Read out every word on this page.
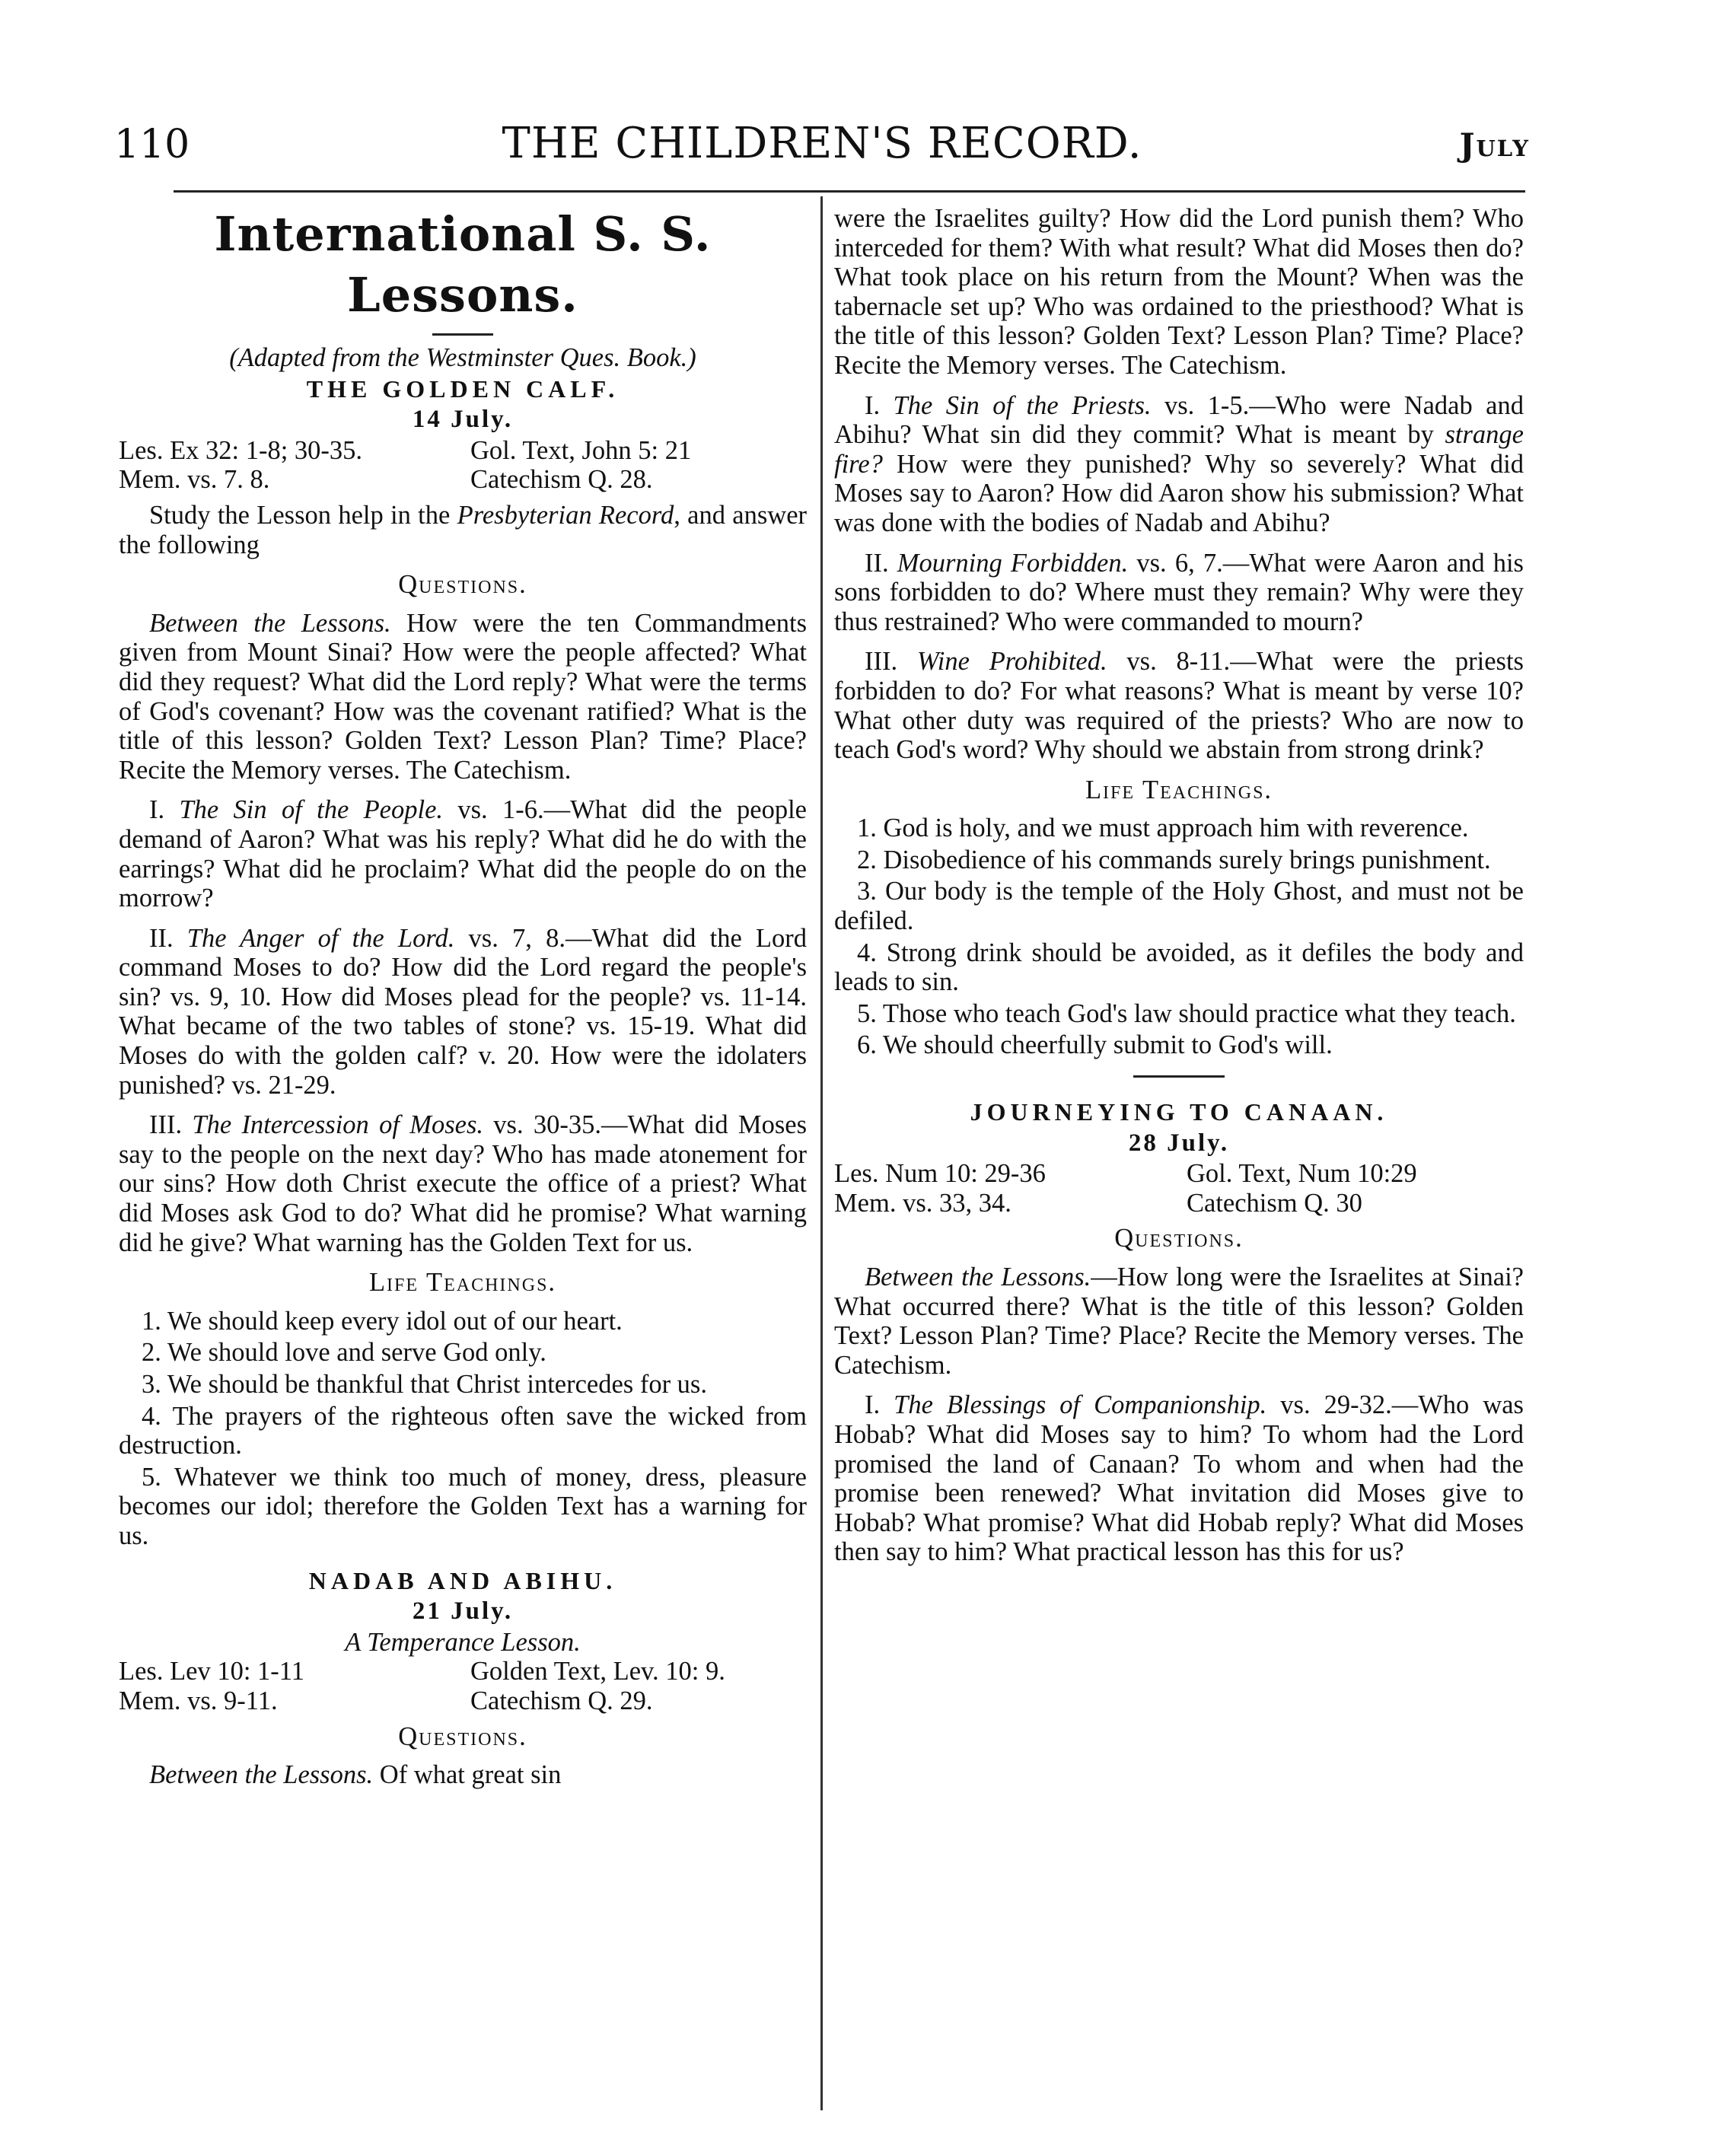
110	THE CHILDREN'S RECORD.	July
International S. S. Lessons.
(Adapted from the Westminster Ques. Book.)
THE GOLDEN CALF.
14 July.
Les. Ex 32: 1-8; 30-35.	Gol. Text, John 5: 21
Mem. vs. 7. 8.	Catechism Q. 28.

Study the Lesson help in the Presbyterian Record, and answer the following

Questions.

Between the Lessons. How were the ten Commandments given from Mount Sinai? How were the people affected? What did they request? What did the Lord reply? What were the terms of God's covenant? How was the covenant ratified? What is the title of this lesson? Golden Text? Lesson Plan? Time? Place? Recite the Memory verses. The Catechism.

I. The Sin of the People. vs. 1-6.—What did the people demand of Aaron? What was his reply? What did he do with the earrings? What did he proclaim? What did the people do on the morrow?

II. The Anger of the Lord. vs. 7, 8.—What did the Lord command Moses to do? How did the Lord regard the people's sin? vs. 9, 10. How did Moses plead for the people? vs. 11-14. What became of the two tables of stone? vs. 15-19. What did Moses do with the golden calf? v. 20. How were the idolaters punished? vs. 21-29.

III. The Intercession of Moses. vs. 30-35.—What did Moses say to the people on the next day? Who has made atonement for our sins? How doth Christ execute the office of a priest? What did Moses ask God to do? What did he promise? What warning did he give? What warning has the Golden Text for us.

Life Teachings.
1. We should keep every idol out of our heart.
2. We should love and serve God only.
3. We should be thankful that Christ intercedes for us.
4. The prayers of the righteous often save the wicked from destruction.
5. Whatever we think too much of money, dress, pleasure becomes our idol; therefore the Golden Text has a warning for us.
NADAB AND ABIHU.
21 July.
A Temperance Lesson.
Les. Lev 10: 1-11	Golden Text, Lev. 10: 9.
Mem. vs. 9-11.	Catechism Q. 29.
Questions.

Between the Lessons. Of what great sin

were the Israelites guilty? How did the Lord punish them? Who interceded for them? With what result? What did Moses then do? What took place on his return from the Mount? When was the tabernacle set up? Who was ordained to the priesthood? What is the title of this lesson? Golden Text? Lesson Plan? Time? Place? Recite the Memory verses. The Catechism.

I. The Sin of the Priests. vs. 1-5.—Who were Nadab and Abihu? What sin did they commit? What is meant by strange fire? How were they punished? Why so severely? What did Moses say to Aaron? How did Aaron show his submission? What was done with the bodies of Nadab and Abihu?

II. Mourning Forbidden. vs. 6, 7.—What were Aaron and his sons forbidden to do? Where must they remain? Why were they thus restrained? Who were commanded to mourn?

III. Wine Prohibited. vs. 8-11.—What were the priests forbidden to do? For what reasons? What is meant by verse 10? What other duty was required of the priests? Who are now to teach God's word? Why should we abstain from strong drink?

Life Teachings.
1. God is holy, and we must approach him with reverence.
2. Disobedience of his commands surely brings punishment.
3. Our body is the temple of the Holy Ghost, and must not be defiled.
4. Strong drink should be avoided, as it defiles the body and leads to sin.
5. Those who teach God's law should practice what they teach.
6. We should cheerfully submit to God's will.
JOURNEYING TO CANAAN.
28 July.
Les. Num 10: 29-36	Gol. Text, Num 10:29
Mem. vs. 33, 34.	Catechism Q. 30
Questions.

Between the Lessons.—How long were the Israelites at Sinai? What occurred there? What is the title of this lesson? Golden Text? Lesson Plan? Time? Place? Recite the Memory verses. The Catechism.

I. The Blessings of Companionship. vs. 29-32.—Who was Hobab? What did Moses say to him? To whom had the Lord promised the land of Canaan? To whom and when had the promise been renewed? What invitation did Moses give to Hobab? What promise? What did Hobab reply? What did Moses then say to him? What practical lesson has this for us?
